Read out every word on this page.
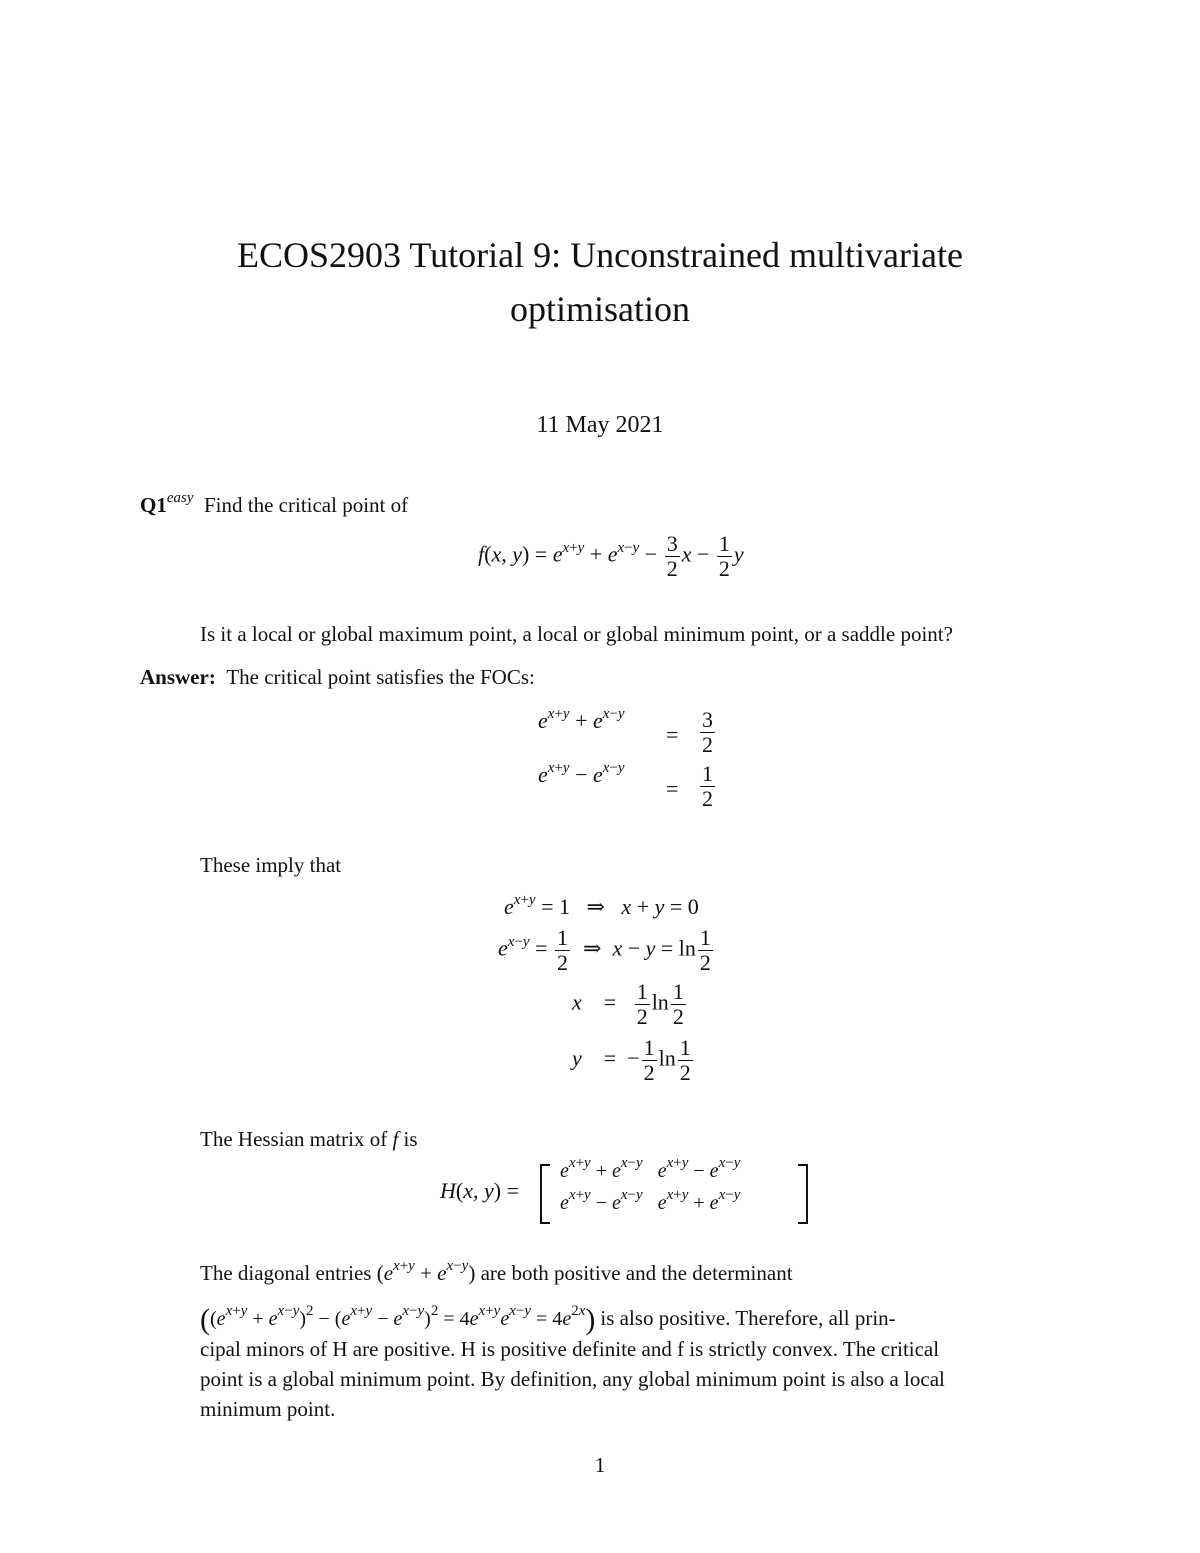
ECOS2903 Tutorial 9: Unconstrained multivariate
optimisation
11 May 2021
$Q1^{easy}$ Find the critical point of
f(x, $y) = e^{x+y} + e^{x-y} - \frac{3}{2}$ $x - \frac{1}{2}$ y
Is it a local or global maximum point, a local or global minimum point, or a saddle point?
Answer: The critical point satisfies the FOCs:
$e^{x+y} + e^{x-y}$
= $\frac{3}{2}$
$e^{x+y} - e^{x-y}$
= $\frac{1}{2}$
These imply that
$e^{x+y} = 1$   ⇒   x + y = 0
$e^{x-y} = \frac{1}{2}$ ⇒  $x - y = \ln \frac{1}{2}$
x    = $\frac{1}{2}$ $\ln \frac{1}{2}$
y    =  − $\frac{1}{2}$ $\ln \frac{1}{2}$
The Hessian matrix of f is
H(x, y) =
$e^{x+y} + e^{x-y}$ $e^{x+y} - e^{x-y}$
$e^{x+y} - e^{x-y}$ $e^{x+y} + e^{x-y}$
The diagonal entries $(e^{x+y} + e^{x-y})$ are both positive and the determinant
$((e^{x+y} + e^{x-y})^2 - (e^{x+y} - e^{x-y})^2 = 4e^{x+y}e^{x-y} = 4e^{2x})$ is also positive. Therefore, all prin-
cipal minors of H are positive. H is positive definite and f is strictly convex. The critical
point is a global minimum point. By definition, any global minimum point is also a local
minimum point.
1
